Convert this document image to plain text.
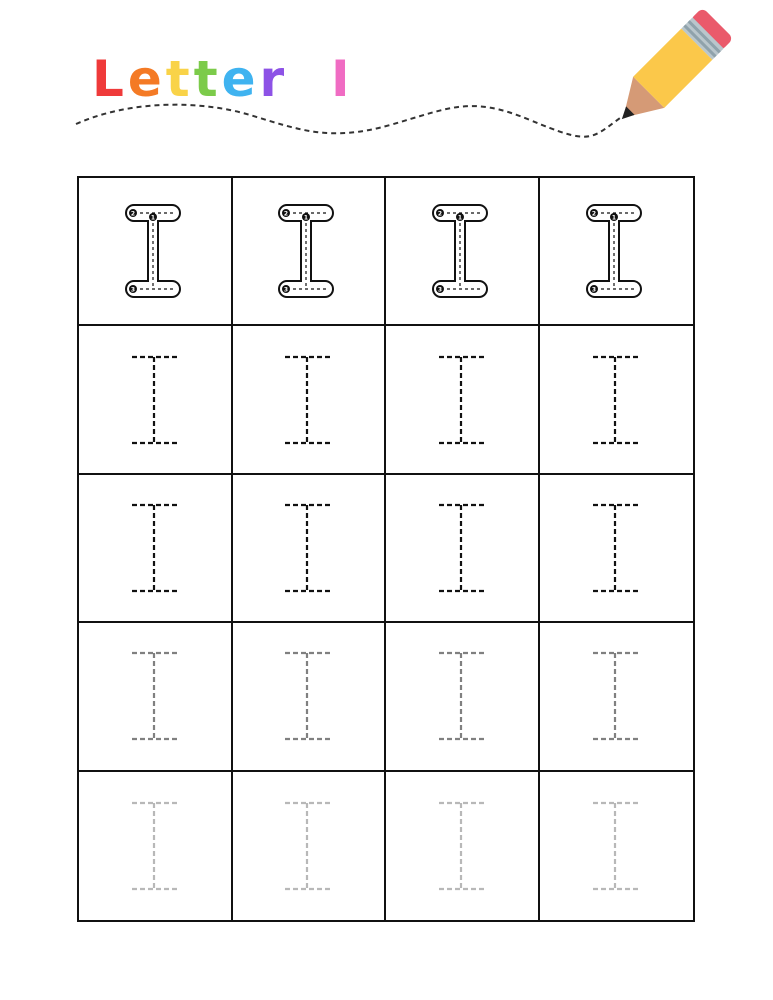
L e t t e r
I
2
1
3
2
1
3
2
1
3
2
1
3
